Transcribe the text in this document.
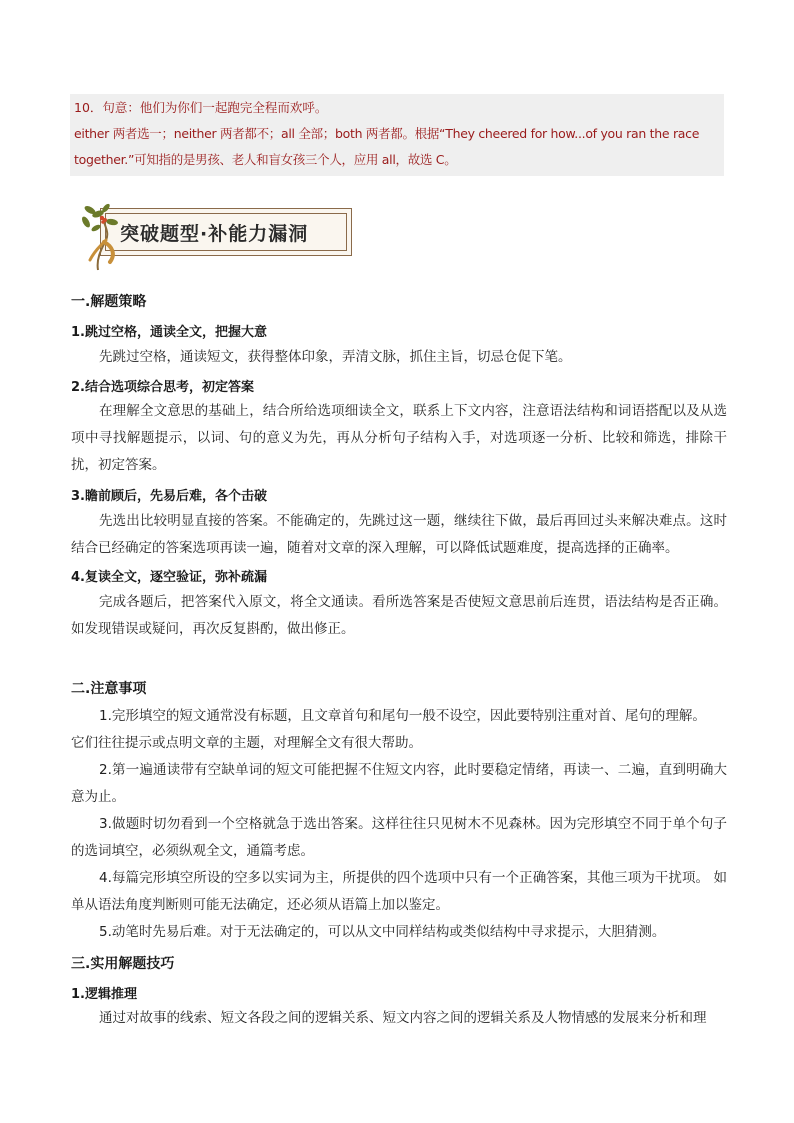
10．句意：他们为你们一起跑完全程而欢呼。
either 两者选一；neither 两者都不；all 全部；both 两者都。根据“They cheered for how...of you ran the race
together.”可知指的是男孩、老人和盲女孩三个人，应用 all，故选 C。
突破题型·补能力漏洞
一.解题策略
1.跳过空格，通读全文，把握大意
先跳过空格，通读短文，获得整体印象，弄清文脉，抓住主旨，切忌仓促下笔。
2.结合选项综合思考，初定答案
在理解全文意思的基础上，结合所给选项细读全文，联系上下文内容，注意语法结构和词语搭配以及从选项中寻找解题提示，以词、句的意义为先，再从分析句子结构入手，对选项逐一分析、比较和筛选，排除干扰，初定答案。
3.瞻前顾后，先易后难，各个击破
先选出比较明显直接的答案。不能确定的，先跳过这一题，继续往下做，最后再回过头来解决难点。这时结合已经确定的答案选项再读一遍，随着对文章的深入理解，可以降低试题难度，提高选择的正确率。
4.复读全文，逐空验证，弥补疏漏
完成各题后，把答案代入原文，将全文通读。看所选答案是否使短文意思前后连贯，语法结构是否正确。如发现错误或疑问，再次反复斟酌，做出修正。
二.注意事项
1.完形填空的短文通常没有标题，且文章首句和尾句一般不设空，因此要特别注重对首、尾句的理解。
它们往往提示或点明文章的主题，对理解全文有很大帮助。
2.第一遍通读带有空缺单词的短文可能把握不住短文内容，此时要稳定情绪，再读一、二遍，直到明确大意为止。
3.做题时切勿看到一个空格就急于选出答案。这样往往只见树木不见森林。因为完形填空不同于单个句子的选词填空，必须纵观全文，通篇考虑。
4.每篇完形填空所设的空多以实词为主，所提供的四个选项中只有一个正确答案，其他三项为干扰项。 如单从语法角度判断则可能无法确定，还必须从语篇上加以鉴定。
5.动笔时先易后难。对于无法确定的，可以从文中同样结构或类似结构中寻求提示，大胆猜测。
三.实用解题技巧
1.逻辑推理
通过对故事的线索、短文各段之间的逻辑关系、短文内容之间的逻辑关系及人物情感的发展来分析和理
